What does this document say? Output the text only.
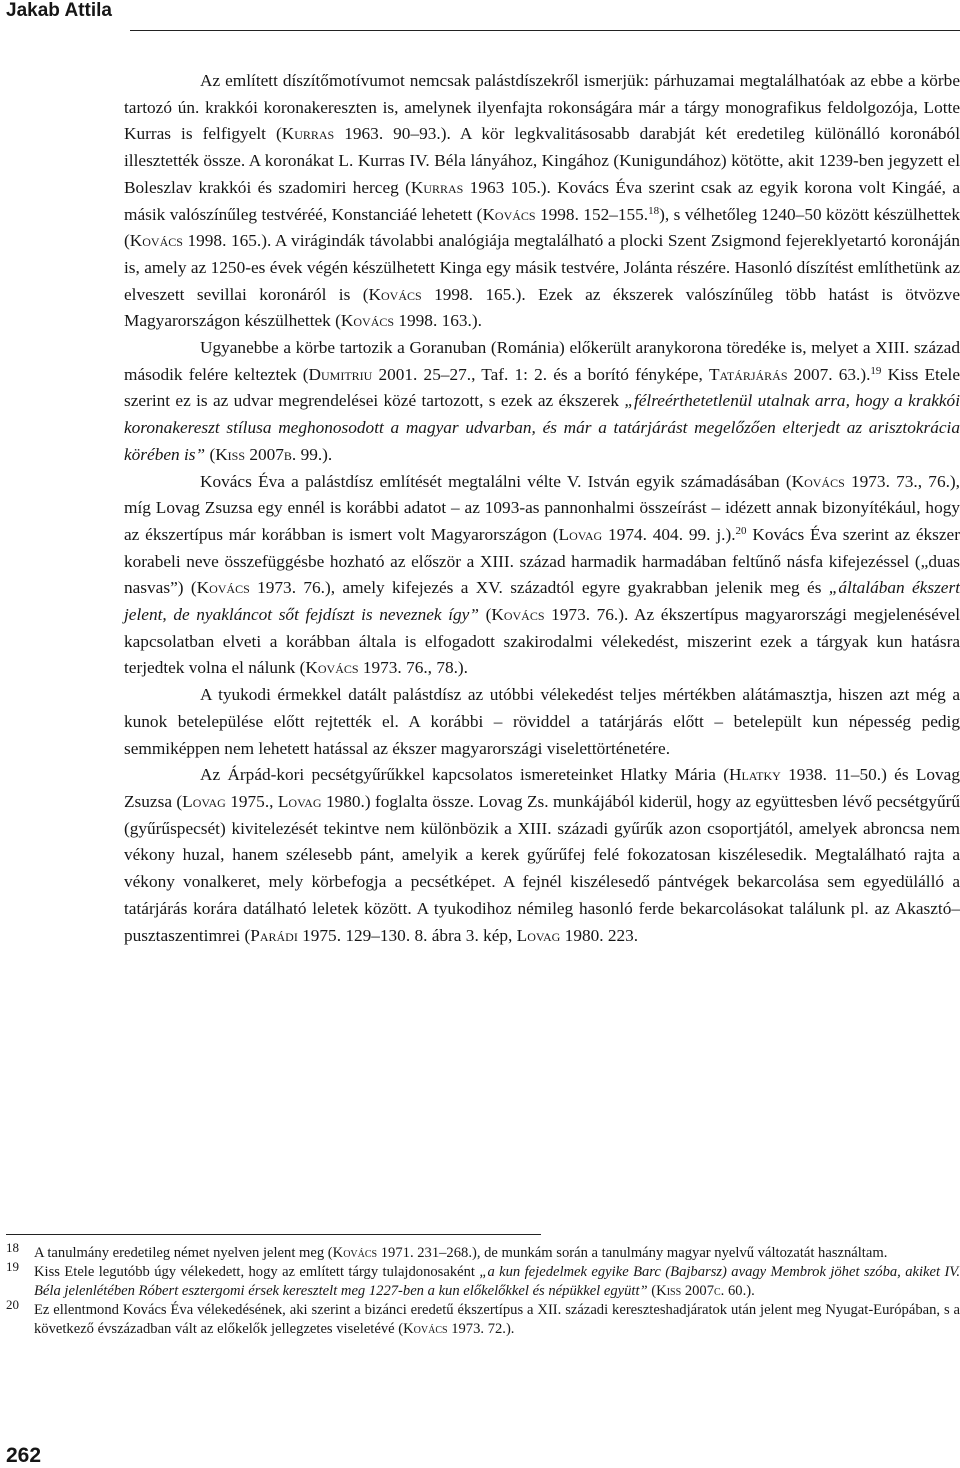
Jakab Attila

Az említett díszítőmotívumot nemcsak palástdíszekről ismerjük: párhuzamai megtalálhatóak az ebbe a körbe tartozó ún. krakkói koronakereszten is, amelynek ilyenfajta rokonságára már a tárgy monografikus feldolgozója, Lotte Kurras is felfigyelt (Kurras 1963. 90–93.). A kör legkvalitásosabb darabját két eredetileg különálló koronából illesztették össze. A koronákat L. Kurras IV. Béla lányához, Kingához (Kunigundához) kötötte, akit 1239-ben jegyzett el Boleszlav krakkói és szadomiri herceg (Kurras 1963 105.). Kovács Éva szerint csak az egyik korona volt Kingáé, a másik valószínűleg testvéréé, Konstanciáé lehetett (Kovács 1998. 152–155.18), s vélhetőleg 1240–50 között készülhettek (Kovács 1998. 165.). A virágindák távolabbi analógiája megtalálható a plocki Szent Zsigmond fejereklyetartó koronáján is, amely az 1250-es évek végén készülhetett Kinga egy másik testvére, Jolánta részére. Hasonló díszítést említhetünk az elveszett sevillai koronáról is (Kovács 1998. 165.). Ezek az ékszerek valószínűleg több hatást is ötvözve Magyarországon készülhettek (Kovács 1998. 163.).

Ugyanebbe a körbe tartozik a Goranuban (Románia) előkerült aranykorona töredéke is, melyet a XIII. század második felére kelteztek (Dumitriu 2001. 25–27., Taf. 1: 2. és a borító fényképe, Tatárjárás 2007. 63.).$^{19}$ Kiss Etele szerint ez is az udvar megrendelései közé tartozott, s ezek az ékszerek „félreérthetetlenül utalnak arra, hogy a krakkói koronakereszt stílusa meghonosodott a magyar udvarban, és már a tatárjárást megelőzően elterjedt az arisztokrácia körében is” (Kiss 2007b. 99.).

Kovács Éva a palástdísz említését megtalálni vélte V. István egyik számadásában (Kovács 1973. 73., 76.), míg Lovag Zsuzsa egy ennél is korábbi adatot – az 1093-as pannonhalmi összeírást – idézett annak bizonyítékául, hogy az ékszertípus már korábban is ismert volt Magyarországon (Lovag 1974. 404. 99. j.).$^{20}$ Kovács Éva szerint az ékszer korabeli neve összefüggésbe hozható az először a XIII. század harmadik harmadában feltűnő násfa kifejezéssel („duas nasvas”) (Kovács 1973. 76.), amely kifejezés a XV. századtól egyre gyakrabban jelenik meg és „általában ékszert jelent, de nyakláncot sőt fejdíszt is neveznek így” (Kovács 1973. 76.). Az ékszertípus magyarországi megjelenésével kapcsolatban elveti a korábban általa is elfogadott szakirodalmi vélekedést, miszerint ezek a tárgyak kun hatásra terjedtek volna el nálunk (Kovács 1973. 76., 78.).

A tyukodi érmekkel datált palástdísz az utóbbi vélekedést teljes mértékben alátámasztja, hiszen azt még a kunok betelepülése előtt rejtették el. A korábbi – röviddel a tatárjárás előtt – betelepült kun népesség pedig semmiképpen nem lehetett hatással az ékszer magyarországi viselettörténetére.

Az Árpád-kori pecsétgyűrűkkel kapcsolatos ismereteinket Hlatky Mária (Hlatky 1938. 11–50.) és Lovag Zsuzsa (Lovag 1975., Lovag 1980.) foglalta össze. Lovag Zs. munkájából kiderül, hogy az együttesben lévő pecsétgyűrű (gyűrűspecsét) kivitelezését tekintve nem különbözik a XIII. századi gyűrűk azon csoportjától, amelyek abroncsa nem vékony huzal, hanem szélesebb pánt, amelyik a kerek gyűrűfej felé fokozatosan kiszélesedik. Megtalálható rajta a vékony vonalkeret, mely körbefogja a pecsétképet. A fejnél kiszélesedő pántvégek bekarcolása sem egyedülálló a tatárjárás korára datálható leletek között. A tyukodihoz némileg hasonló ferde bekarcolásokat találunk pl. az Akasztó–pusztaszentimrei (Parádi 1975. 129–130. 8. ábra 3. kép, Lovag 1980. 223.

18 A tanulmány eredetileg német nyelven jelent meg (Kovács 1971. 231–268.), de munkám során a tanulmány magyar nyelvű változatát használtam.
19 Kiss Etele legutóbb úgy vélekedett, hogy az említett tárgy tulajdonosaként „a kun fejedelmek egyike Barc (Bajbarsz) avagy Membrok jöhet szóba, akiket IV. Béla jelenlétében Róbert esztergomi érsek keresztelt meg 1227-ben a kun előkelőkkel és népükkel együtt” (Kiss 2007c. 60.).
20 Ez ellentmond Kovács Éva vélekedésének, aki szerint a bizánci eredetű ékszertípus a XII. századi kereszteshadjáratok után jelent meg Nyugat-Európában, s a következő évszázadban vált az előkelők jellegzetes viseletévé (Kovács 1973. 72.).
262
